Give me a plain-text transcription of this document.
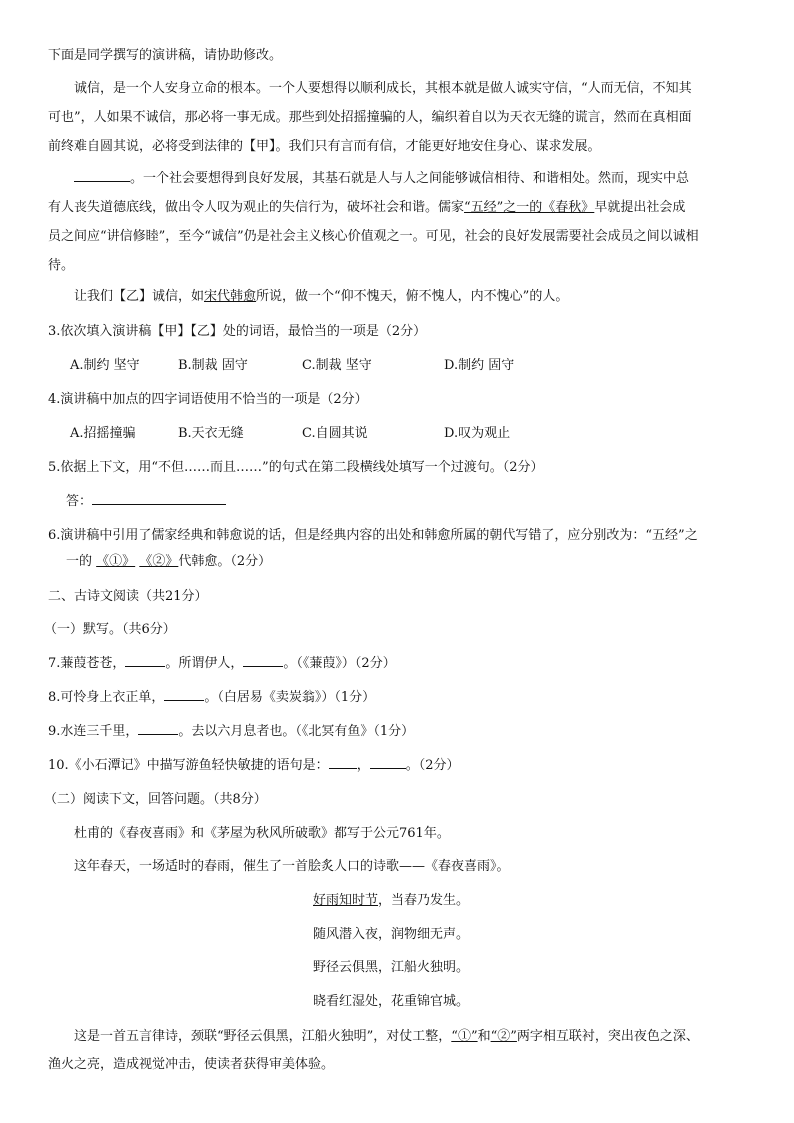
下面是同学撰写的演讲稿，请协助修改。
诚信，是一个人安身立命的根本。一个人要想得以顺利成长，其根本就是做人诚实守信，“人而无信，不知其
可也”，人如果不诚信，那必将一事无成。那些到处招摇撞骗的人，编织着自以为天衣无缝的谎言，然而在真相面
前终难自圆其说，必将受到法律的【甲】。我们只有言而有信，才能更好地安住身心、谋求发展。
。一个社会要想得到良好发展，其基石就是人与人之间能够诚信相待、和谐相处。然而，现实中总
有人丧失道德底线，做出令人叹为观止的失信行为，破坏社会和谐。儒家“五经”之一的《春秋》早就提出社会成
员之间应“讲信修睦”，至今“诚信”仍是社会主义核心价值观之一。可见，社会的良好发展需要社会成员之间以诚相
待。
让我们【乙】诚信，如宋代韩愈所说，做一个“仰不愧天，俯不愧人，内不愧心”的人。
3.依次填入演讲稿【甲】【乙】处的词语，最恰当的一项是（2分）
A.制约 坚守	B.制裁 固守	C.制裁 坚守	D.制约 固守
4.演讲稿中加点的四字词语使用不恰当的一项是（2分）
A.招摇撞骗	B.天衣无缝	C.自圆其说	D.叹为观止
5.依据上下文，用“不但……而且……”的句式在第二段横线处填写一个过渡句。（2分）
答：
6.演讲稿中引用了儒家经典和韩愈说的话，但是经典内容的出处和韩愈所属的朝代写错了，应分别改为：“五经”之
一的 《①》 《②》代韩愈。（2分）
二、古诗文阅读（共21分）
（一）默写。（共6分）
7.蒹葭苍苍，	。所谓伊人，	。（《蒹葭》）（2分）
8.可怜身上衣正单，	。（白居易《卖炭翁》）（1分）
9.水连三千里，	。去以六月息者也。（《北冥有鱼》（1分）
10.《小石潭记》中描写游鱼轻快敏捷的语句是： ，	。（2分）
（二）阅读下文，回答问题。（共8分）
杜甫的《春夜喜雨》和《茅屋为秋风所破歌》都写于公元761年。
这年春天，一场适时的春雨，催生了一首脍炙人口的诗歌——《春夜喜雨》。
好雨知时节，当春乃发生。
随风潜入夜，润物细无声。
野径云俱黑，江船火独明。
晓看红湿处，花重锦官城。
这是一首五言律诗，颈联“野径云俱黑，江船火独明”，对仗工整，“①”和“②”两字相互联衬，突出夜色之深、
渔火之亮，造成视觉冲击，使读者获得审美体验。
